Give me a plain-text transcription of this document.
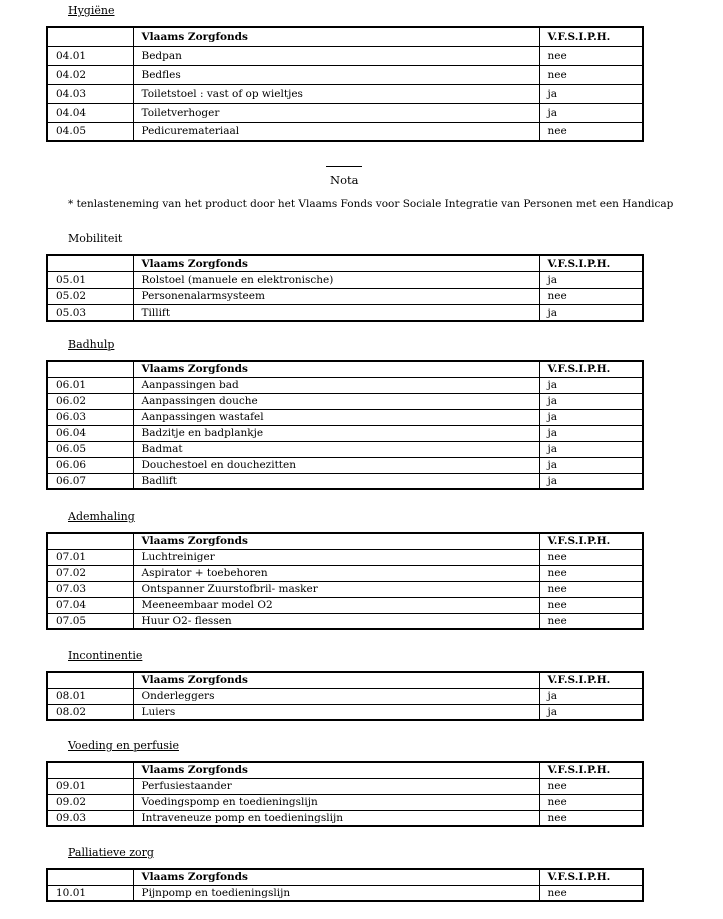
Nota
* tenlasteneming van het product door het Vlaams Fonds voor Sociale Integratie van Personen met een Handicap
Hygiëne
	Vlaams Zorgfonds	V.F.S.I.P.H.
04.01	Bedpan	nee
04.02	Bedfles	nee
04.03	Toiletstoel : vast of op wieltjes	ja
04.04	Toiletverhoger	ja
04.05	Pedicuremateriaal	nee
Mobiliteit
	Vlaams Zorgfonds	V.F.S.I.P.H.
05.01	Rolstoel (manuele en elektronische)	ja
05.02	Personenalarmsysteem	nee
05.03	Tillift	ja
Badhulp
	Vlaams Zorgfonds	V.F.S.I.P.H.
06.01	Aanpassingen bad	ja
06.02	Aanpassingen douche	ja
06.03	Aanpassingen wastafel	ja
06.04	Badzitje en badplankje	ja
06.05	Badmat	ja
06.06	Douchestoel en douchezitten	ja
06.07	Badlift	ja
Ademhaling
	Vlaams Zorgfonds	V.F.S.I.P.H.
07.01	Luchtreiniger	nee
07.02	Aspirator + toebehoren	nee
07.03	Ontspanner Zuurstofbril- masker	nee
07.04	Meeneembaar model O2	nee
07.05	Huur O2- flessen	nee
Incontinentie
	Vlaams Zorgfonds	V.F.S.I.P.H.
08.01	Onderleggers	ja
08.02	Luiers	ja
Voeding en perfusie
	Vlaams Zorgfonds	V.F.S.I.P.H.
09.01	Perfusiestaander	nee
09.02	Voedingspomp en toedieningslijn	nee
09.03	Intraveneuze pomp en toedieningslijn	nee
Palliatieve zorg
	Vlaams Zorgfonds	V.F.S.I.P.H.
10.01	Pijnpomp en toedieningslijn	nee
